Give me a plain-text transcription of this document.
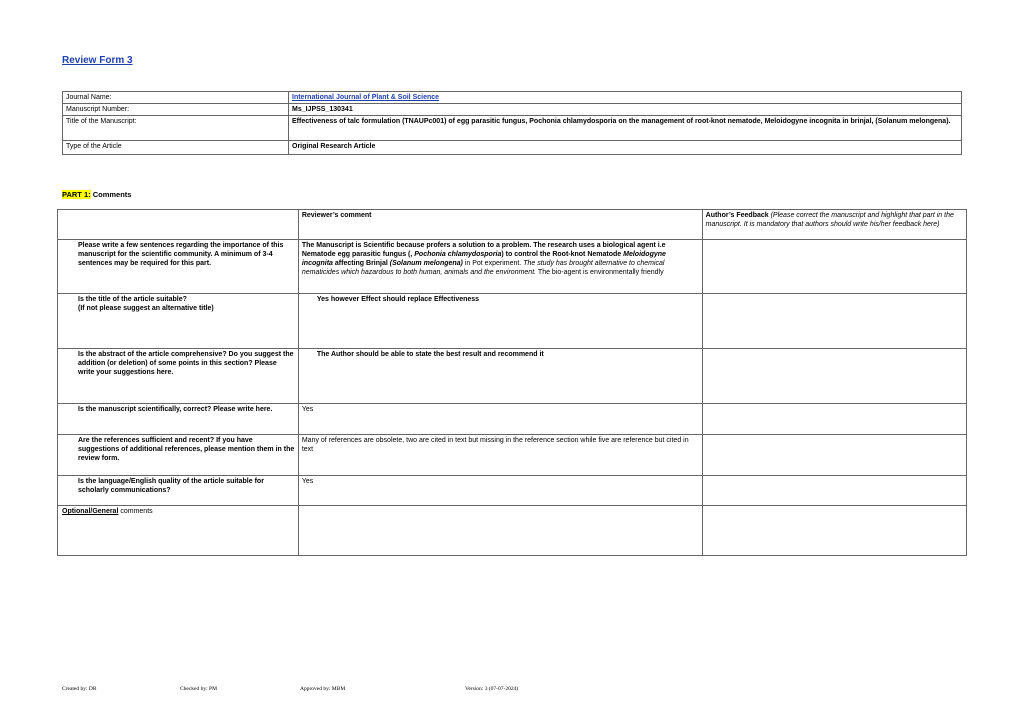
Review Form 3
Journal Name:	International Journal of Plant & Soil Science
Manuscript Number:	Ms_IJPSS_130341
Title of the Manuscript:	Effectiveness of talc formulation (TNAUPc001) of egg parasitic fungus, Pochonia chlamydosporia on the management of root-knot nematode, Meloidogyne incognita in brinjal, (Solanum melongena).
Type of the Article	Original Research Article
PART 1: Comments
	Reviewer’s comment	Author’s Feedback (Please correct the manuscript and highlight that part in the manuscript. It is mandatory that authors should write his/her feedback here)
Please write a few sentences regarding the importance of this manuscript for the scientific community. A minimum of 3-4 sentences may be required for this part.	The Manuscript is Scientific because profers a solution to a problem. The research uses a biological agent i.e Nematode egg parasitic fungus (, Pochonia chlamydosporia) to control the Root-knot Nematode Meloidogyne incognita affecting Brinjal (Solanum melongena) in Pot experiment. The study has brought alternative to chemical nematicides which hazardous to both human, animals and the environment. The bio-agent is environmentally friendly	
Is the title of the article suitable?
(If not please suggest an alternative title)	Yes however Effect should replace Effectiveness	
Is the abstract of the article comprehensive? Do you suggest the addition (or deletion) of some points in this section? Please write your suggestions here.	The Author should be able to state the best result and recommend it	
Is the manuscript scientifically, correct? Please write here.	Yes	
Are the references sufficient and recent? If you have suggestions of additional references, please mention them in the review form.	Many of references are obsolete, two are cited in text but missing in the reference section while five are reference but cited in text	
Is the language/English quality of the article suitable for scholarly communications?	Yes	
Optional/General comments		
Created by: DR	Checked by: PM	Approved by: MBM	Version: 3 (07-07-2024)
